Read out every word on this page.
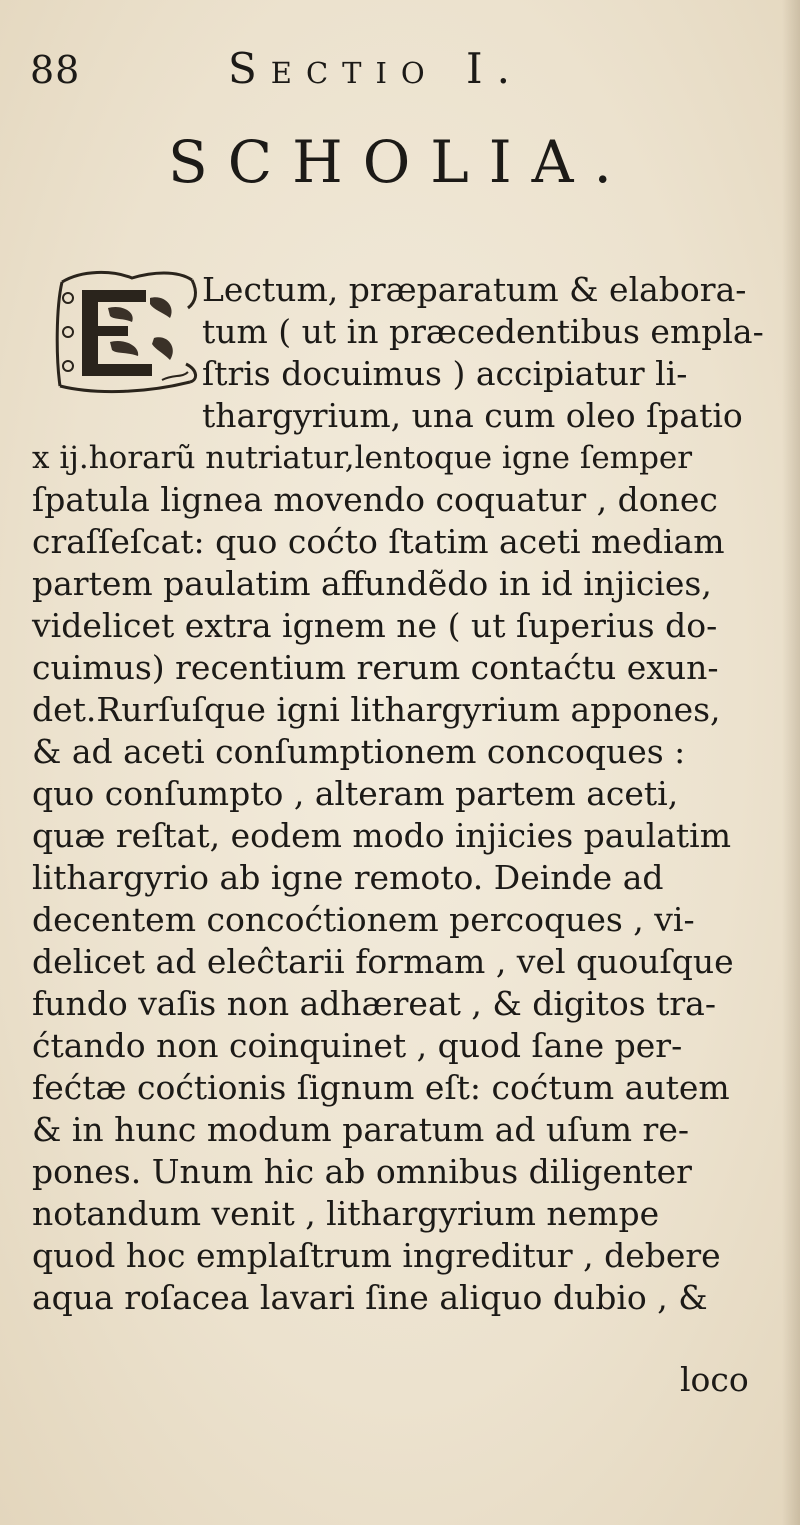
88	Sectio I.
SCHOLIA.
Lectum, præparatum & elabora-
tum ( ut in præcedentibus empla-
ſtris docuimus ) accipiatur li-
thargyrium, una cum oleo ſpatio
x ij.horarũ nutriatur,lentoque igne ſemper
ſpatula lignea movendo coquatur , donec
craſſeſcat: quo coćto ſtatim aceti mediam
partem paulatim affundẽdo in id injicies,
videlicet extra ignem ne ( ut ſuperius do-
cuimus) recentium rerum contaćtu exun-
det.Rurſuſque igni lithargyrium appones,
& ad aceti conſumptionem concoques :
quo conſumpto , alteram partem aceti,
quæ reſtat, eodem modo injicies paulatim
lithargyrio ab igne remoto. Deinde ad
decentem concoćtionem percoques , vi-
delicet ad eleĉtarii formam , vel quouſque
fundo vaſis non adhæreat , & digitos tra-
ćtando non coinquinet , quod ſane per-
fećtæ coćtionis ſignum eſt: coćtum autem
& in hunc modum paratum ad uſum re-
pones. Unum hic ab omnibus diligenter
notandum venit , lithargyrium nempe
quod hoc emplaſtrum ingreditur , debere
aqua roſacea lavari ſine aliquo dubio , &
loco
